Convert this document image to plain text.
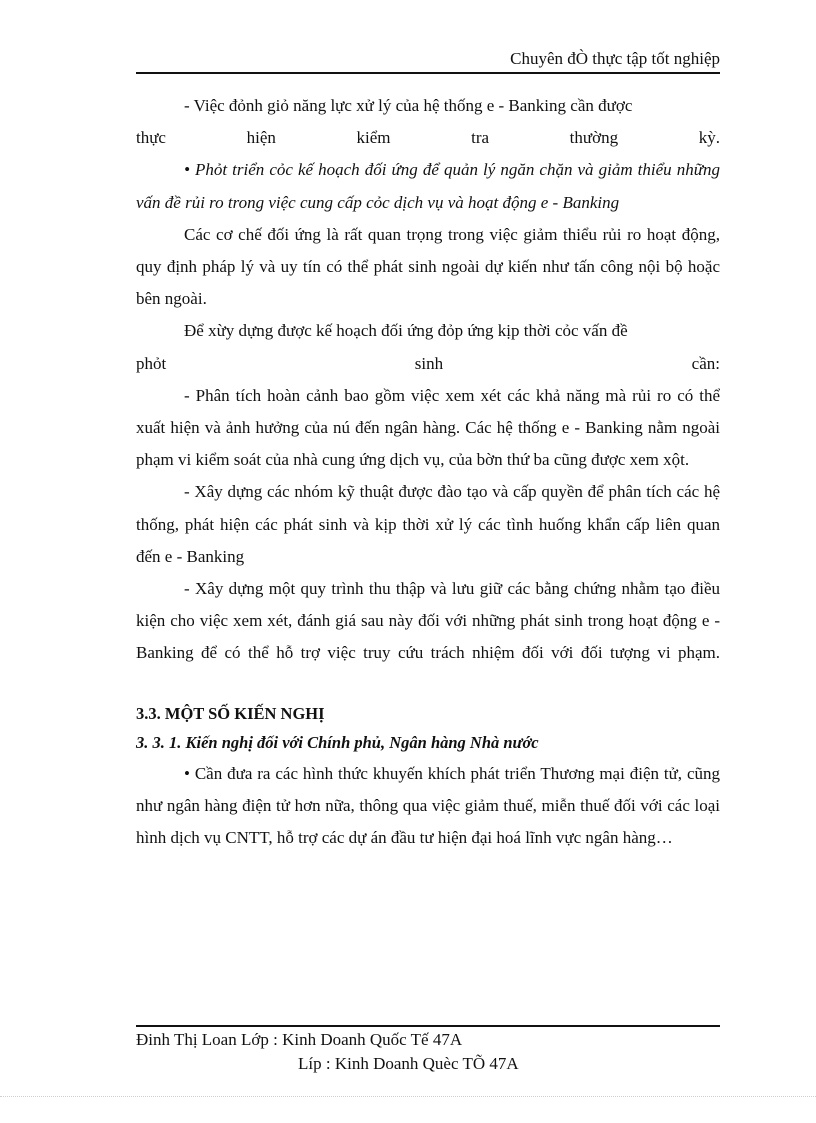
Chuyên đÒ thực tập tốt nghiệp

- Việc đỏnh giỏ năng lực xử lý của hệ thống e - Banking cần được

thực hiện kiểm tra thường kỳ.

• Phỏt triển cỏc kế hoạch đối ứng để quản lý ngăn chặn và giảm thiểu những vấn đề rủi ro trong việc cung cấp cỏc dịch vụ và hoạt động e - Banking

Các cơ chế đối ứng là rất quan trọng trong việc giảm thiểu rủi ro hoạt động, quy định pháp lý và uy tín có thể phát sinh ngoài dự kiến như tấn công nội bộ hoặc bên ngoài.

Để xừy dựng được kế hoạch đối ứng đỏp ứng kịp thời cỏc vấn đề

phỏt sinh cần:

- Phân tích hoàn cảnh bao gồm việc xem xét các khả năng mà rủi ro có thể xuất hiện và ảnh hưởng của nú đến ngân hàng. Các hệ thống e - Banking nằm ngoài phạm vi kiểm soát của nhà cung ứng dịch vụ, của bờn thứ ba cũng được xem xột.

- Xây dựng các nhóm kỹ thuật được đào tạo và cấp quyền để phân tích các hệ thống, phát hiện các phát sinh và kịp thời xử lý các tình huống khẩn cấp liên quan đến e - Banking

- Xây dựng một quy trình thu thập và lưu giữ các bằng chứng nhằm tạo điều kiện cho việc xem xét, đánh giá sau này đối với những phát sinh trong hoạt động e - Banking để có thể hỗ trợ việc truy cứu trách nhiệm đối với đối tượng vi phạm.

3.3. MỘT SỐ KIẾN NGHỊ

3. 3. 1. Kiến nghị đối với Chính phủ, Ngân hàng Nhà nước

• Cần đưa ra các hình thức khuyến khích phát triển Thương mại điện tử, cũng như ngân hàng điện tử hơn nữa, thông qua việc giảm thuế, miễn thuế đối với các loại hình dịch vụ CNTT, hỗ trợ các dự án đầu tư hiện đại hoá lĩnh vực ngân hàng…

Đinh Thị Loan Lớp : Kinh Doanh Quốc Tế 47A
Líp : Kinh Doanh Quèc TÕ 47A
